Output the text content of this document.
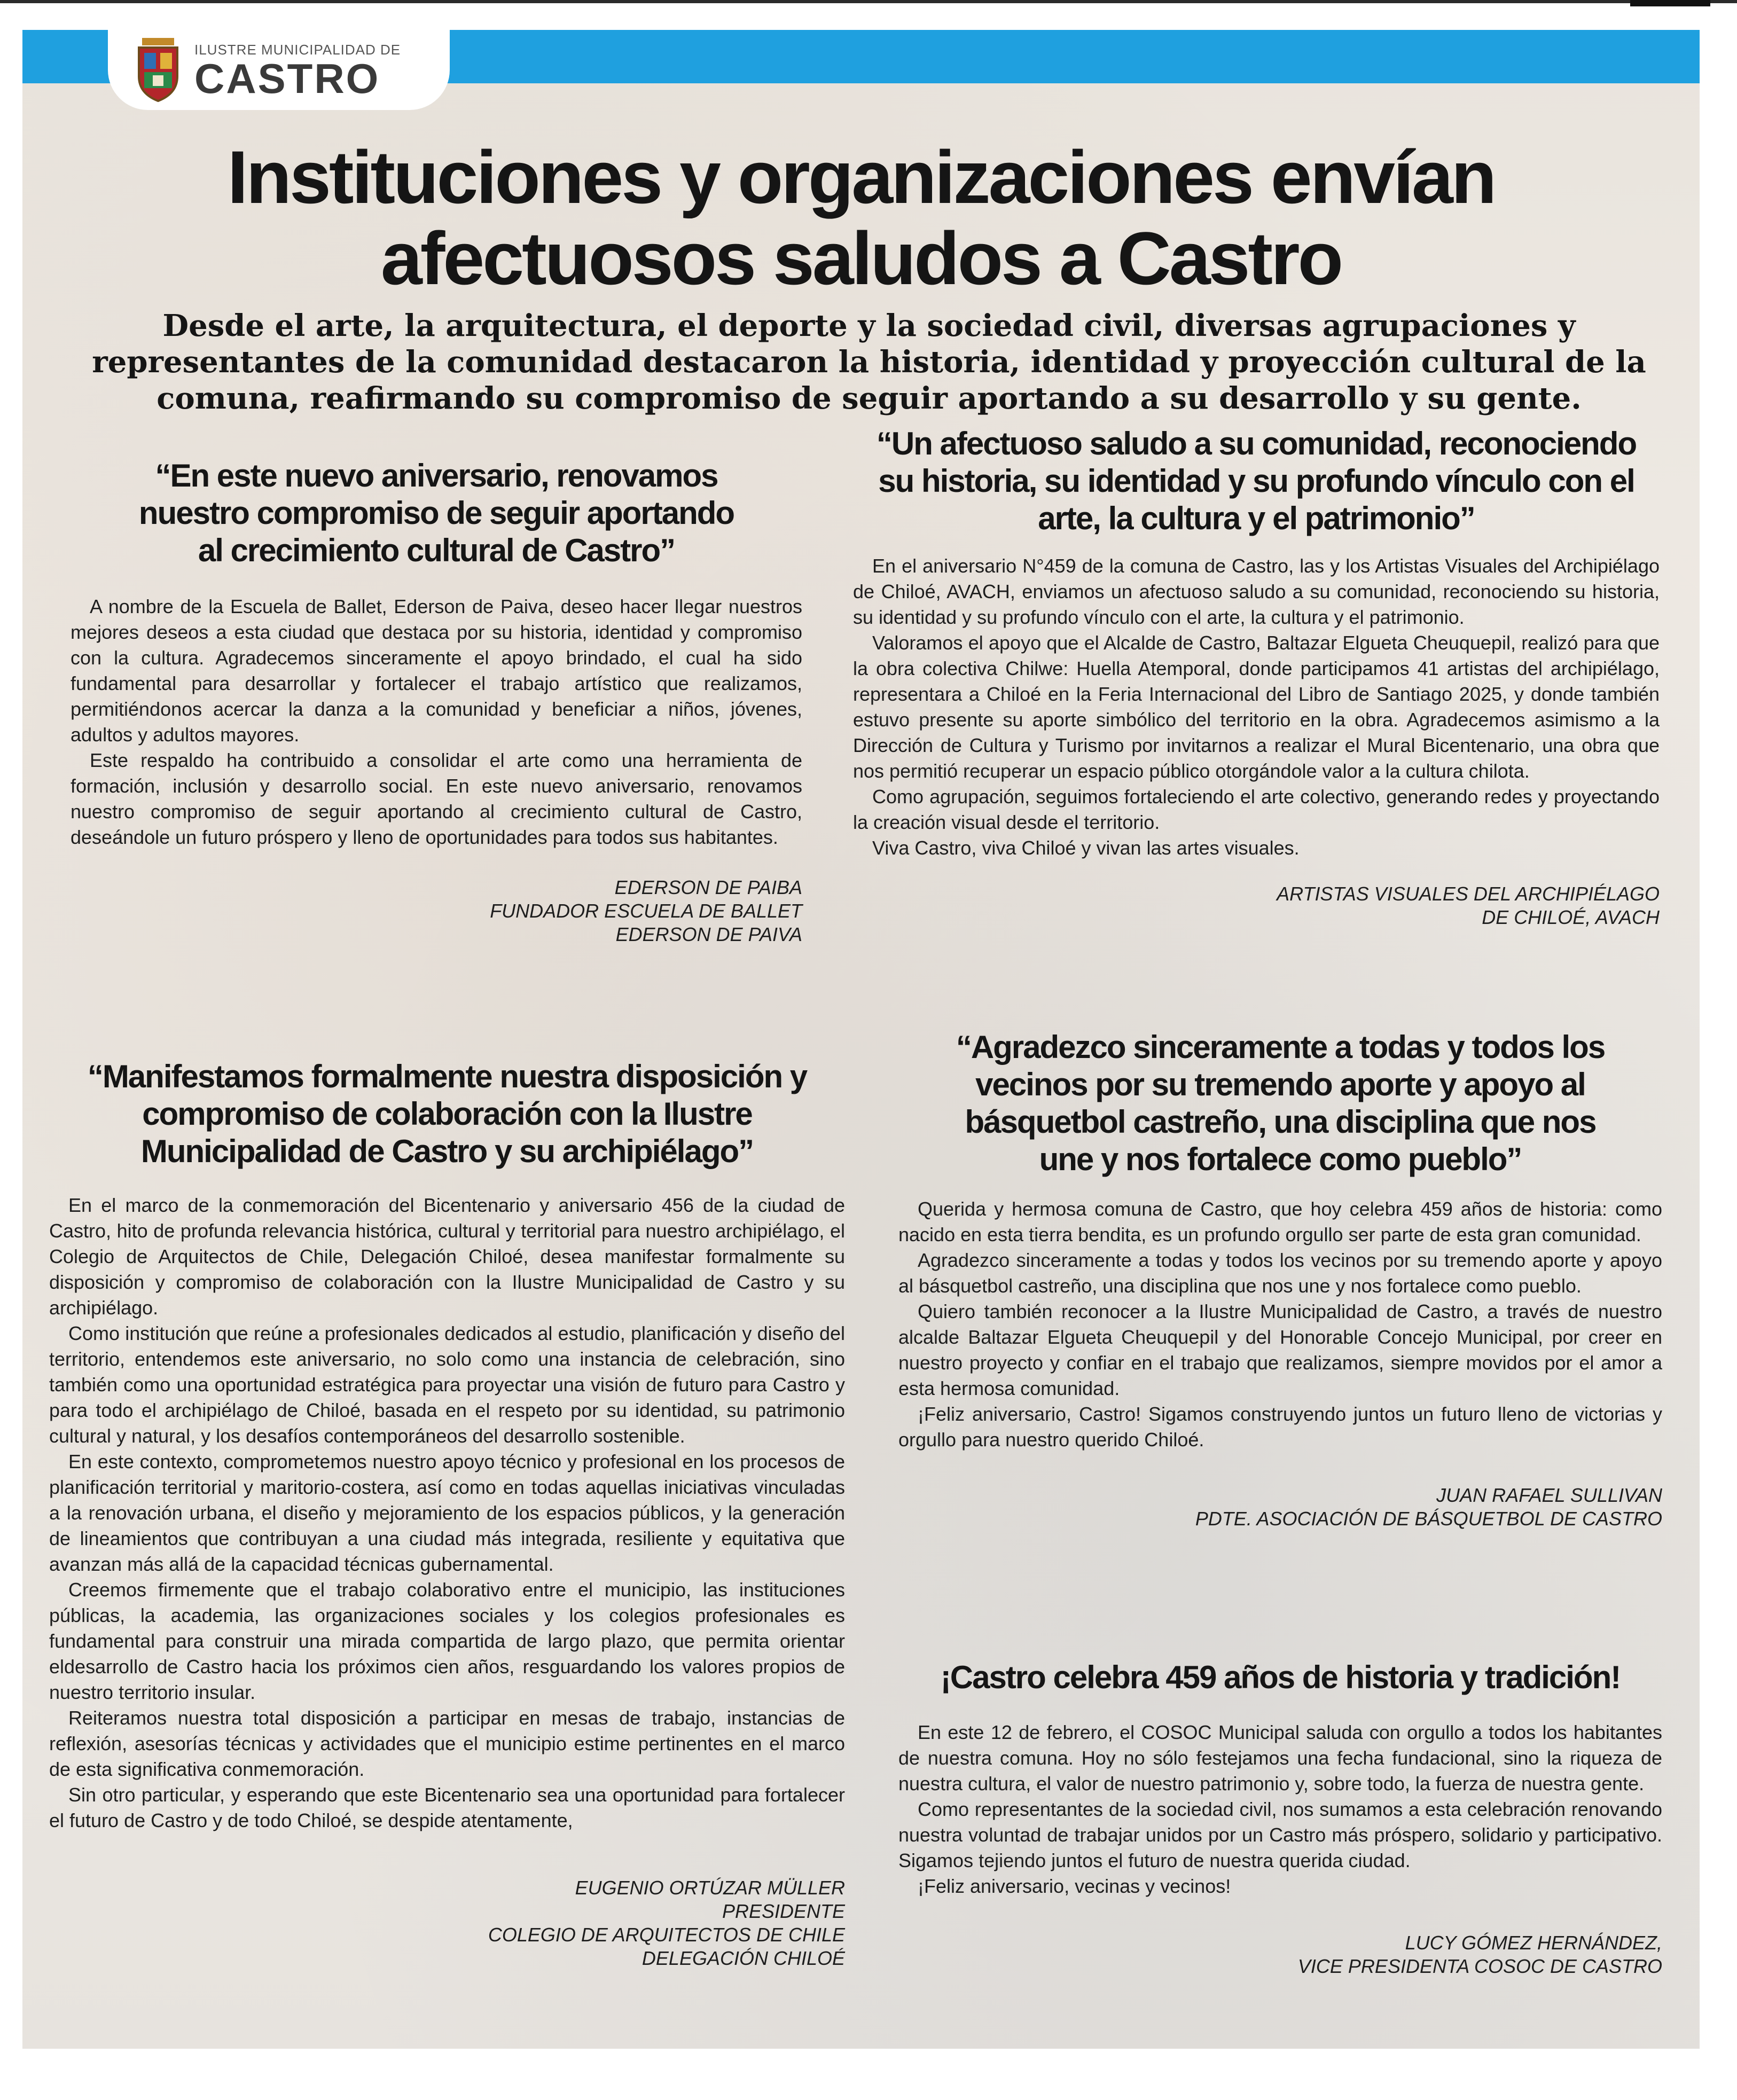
ILUSTRE MUNICIPALIDAD DE
CASTRO
Instituciones y organizaciones envían
afectuosos saludos a Castro
Desde el arte, la arquitectura, el deporte y la sociedad civil, diversas agrupaciones y representantes de la comunidad destacaron la historia, identidad y proyección cultural de la comuna, reafirmando su compromiso de seguir aportando a su desarrollo y su gente.
“En este nuevo aniversario, renovamos nuestro compromiso de seguir aportando al crecimiento cultural de Castro”

A nombre de la Escuela de Ballet, Ederson de Paiva, deseo hacer llegar nuestros mejores deseos a esta ciudad que destaca por su historia, identidad y compromiso con la cultura. Agradecemos sinceramente el apoyo brindado, el cual ha sido fundamental para desarrollar y fortalecer el trabajo artístico que realizamos, permitiéndonos acercar la danza a la comunidad y beneficiar a niños, jóvenes, adultos y adultos mayores.

Este respaldo ha contribuido a consolidar el arte como una herramienta de formación, inclusión y desarrollo social. En este nuevo aniversario, renovamos nuestro compromiso de seguir aportando al crecimiento cultural de Castro, deseándole un futuro próspero y lleno de oportunidades para todos sus habitantes.

EDERSON DE PAIBA
FUNDADOR ESCUELA DE BALLET
EDERSON DE PAIVA
“Un afectuoso saludo a su comunidad, reconociendo su historia, su identidad y su profundo vínculo con el arte, la cultura y el patrimonio”

En el aniversario N°459 de la comuna de Castro, las y los Artistas Visuales del Archipiélago de Chiloé, AVACH, enviamos un afectuoso saludo a su comunidad, reconociendo su historia, su identidad y su profundo vínculo con el arte, la cultura y el patrimonio.

Valoramos el apoyo que el Alcalde de Castro, Baltazar Elgueta Cheuquepil, realizó para que la obra colectiva Chilwe: Huella Atemporal, donde participamos 41 artistas del archipiélago, representara a Chiloé en la Feria Internacional del Libro de Santiago 2025, y donde también estuvo presente su aporte simbólico del territorio en la obra. Agradecemos asimismo a la Dirección de Cultura y Turismo por invitarnos a realizar el Mural Bicentenario, una obra que nos permitió recuperar un espacio público otorgándole valor a la cultura chilota.

Como agrupación, seguimos fortaleciendo el arte colectivo, generando redes y proyectando la creación visual desde el territorio.

Viva Castro, viva Chiloé y vivan las artes visuales.

ARTISTAS VISUALES DEL ARCHIPIÉLAGO
DE CHILOÉ, AVACH
“Manifestamos formalmente nuestra disposición y compromiso de colaboración con la Ilustre Municipalidad de Castro y su archipiélago”

En el marco de la conmemoración del Bicentenario y aniversario 456 de la ciudad de Castro, hito de profunda relevancia histórica, cultural y territorial para nuestro archipiélago, el Colegio de Arquitectos de Chile, Delegación Chiloé, desea manifestar formalmente su disposición y compromiso de colaboración con la Ilustre Municipalidad de Castro y su archipiélago.

Como institución que reúne a profesionales dedicados al estudio, planificación y diseño del territorio, entendemos este aniversario, no solo como una instancia de celebración, sino también como una oportunidad estratégica para proyectar una visión de futuro para Castro y para todo el archipiélago de Chiloé, basada en el respeto por su identidad, su patrimonio cultural y natural, y los desafíos contemporáneos del desarrollo sostenible.

En este contexto, comprometemos nuestro apoyo técnico y profesional en los procesos de planificación territorial y maritorio-costera, así como en todas aquellas iniciativas vinculadas a la renovación urbana, el diseño y mejoramiento de los espacios públicos, y la generación de lineamientos que contribuyan a una ciudad más integrada, resiliente y equitativa que avanzan más allá de la capacidad técnicas gubernamental.

Creemos firmemente que el trabajo colaborativo entre el municipio, las instituciones públicas, la academia, las organizaciones sociales y los colegios profesionales es fundamental para construir una mirada compartida de largo plazo, que permita orientar eldesarrollo de Castro hacia los próximos cien años, resguardando los valores propios de nuestro territorio insular.

Reiteramos nuestra total disposición a participar en mesas de trabajo, instancias de reflexión, asesorías técnicas y actividades que el municipio estime pertinentes en el marco de esta significativa conmemoración.

Sin otro particular, y esperando que este Bicentenario sea una oportunidad para fortalecer el futuro de Castro y de todo Chiloé, se despide atentamente,

EUGENIO ORTÚZAR MÜLLER
PRESIDENTE
COLEGIO DE ARQUITECTOS DE CHILE
DELEGACIÓN CHILOÉ
“Agradezco sinceramente a todas y todos los vecinos por su tremendo aporte y apoyo al básquetbol castreño, una disciplina que nos une y nos fortalece como pueblo”

Querida y hermosa comuna de Castro, que hoy celebra 459 años de historia: como nacido en esta tierra bendita, es un profundo orgullo ser parte de esta gran comunidad.

Agradezco sinceramente a todas y todos los vecinos por su tremendo aporte y apoyo al básquetbol castreño, una disciplina que nos une y nos fortalece como pueblo.

Quiero también reconocer a la Ilustre Municipalidad de Castro, a través de nuestro alcalde Baltazar Elgueta Cheuquepil y del Honorable Concejo Municipal, por creer en nuestro proyecto y confiar en el trabajo que realizamos, siempre movidos por el amor a esta hermosa comunidad.

¡Feliz aniversario, Castro! Sigamos construyendo juntos un futuro lleno de victorias y orgullo para nuestro querido Chiloé.

JUAN RAFAEL SULLIVAN
PDTE. ASOCIACIÓN DE BÁSQUETBOL DE CASTRO
¡Castro celebra 459 años de historia y tradición!

En este 12 de febrero, el COSOC Municipal saluda con orgullo a todos los habitantes de nuestra comuna. Hoy no sólo festejamos una fecha fundacional, sino la riqueza de nuestra cultura, el valor de nuestro patrimonio y, sobre todo, la fuerza de nuestra gente.

Como representantes de la sociedad civil, nos sumamos a esta celebración renovando nuestra voluntad de trabajar unidos por un Castro más próspero, solidario y participativo. Sigamos tejiendo juntos el futuro de nuestra querida ciudad.

¡Feliz aniversario, vecinas y vecinos!

LUCY GÓMEZ HERNÁNDEZ,
VICE PRESIDENTA COSOC DE CASTRO
